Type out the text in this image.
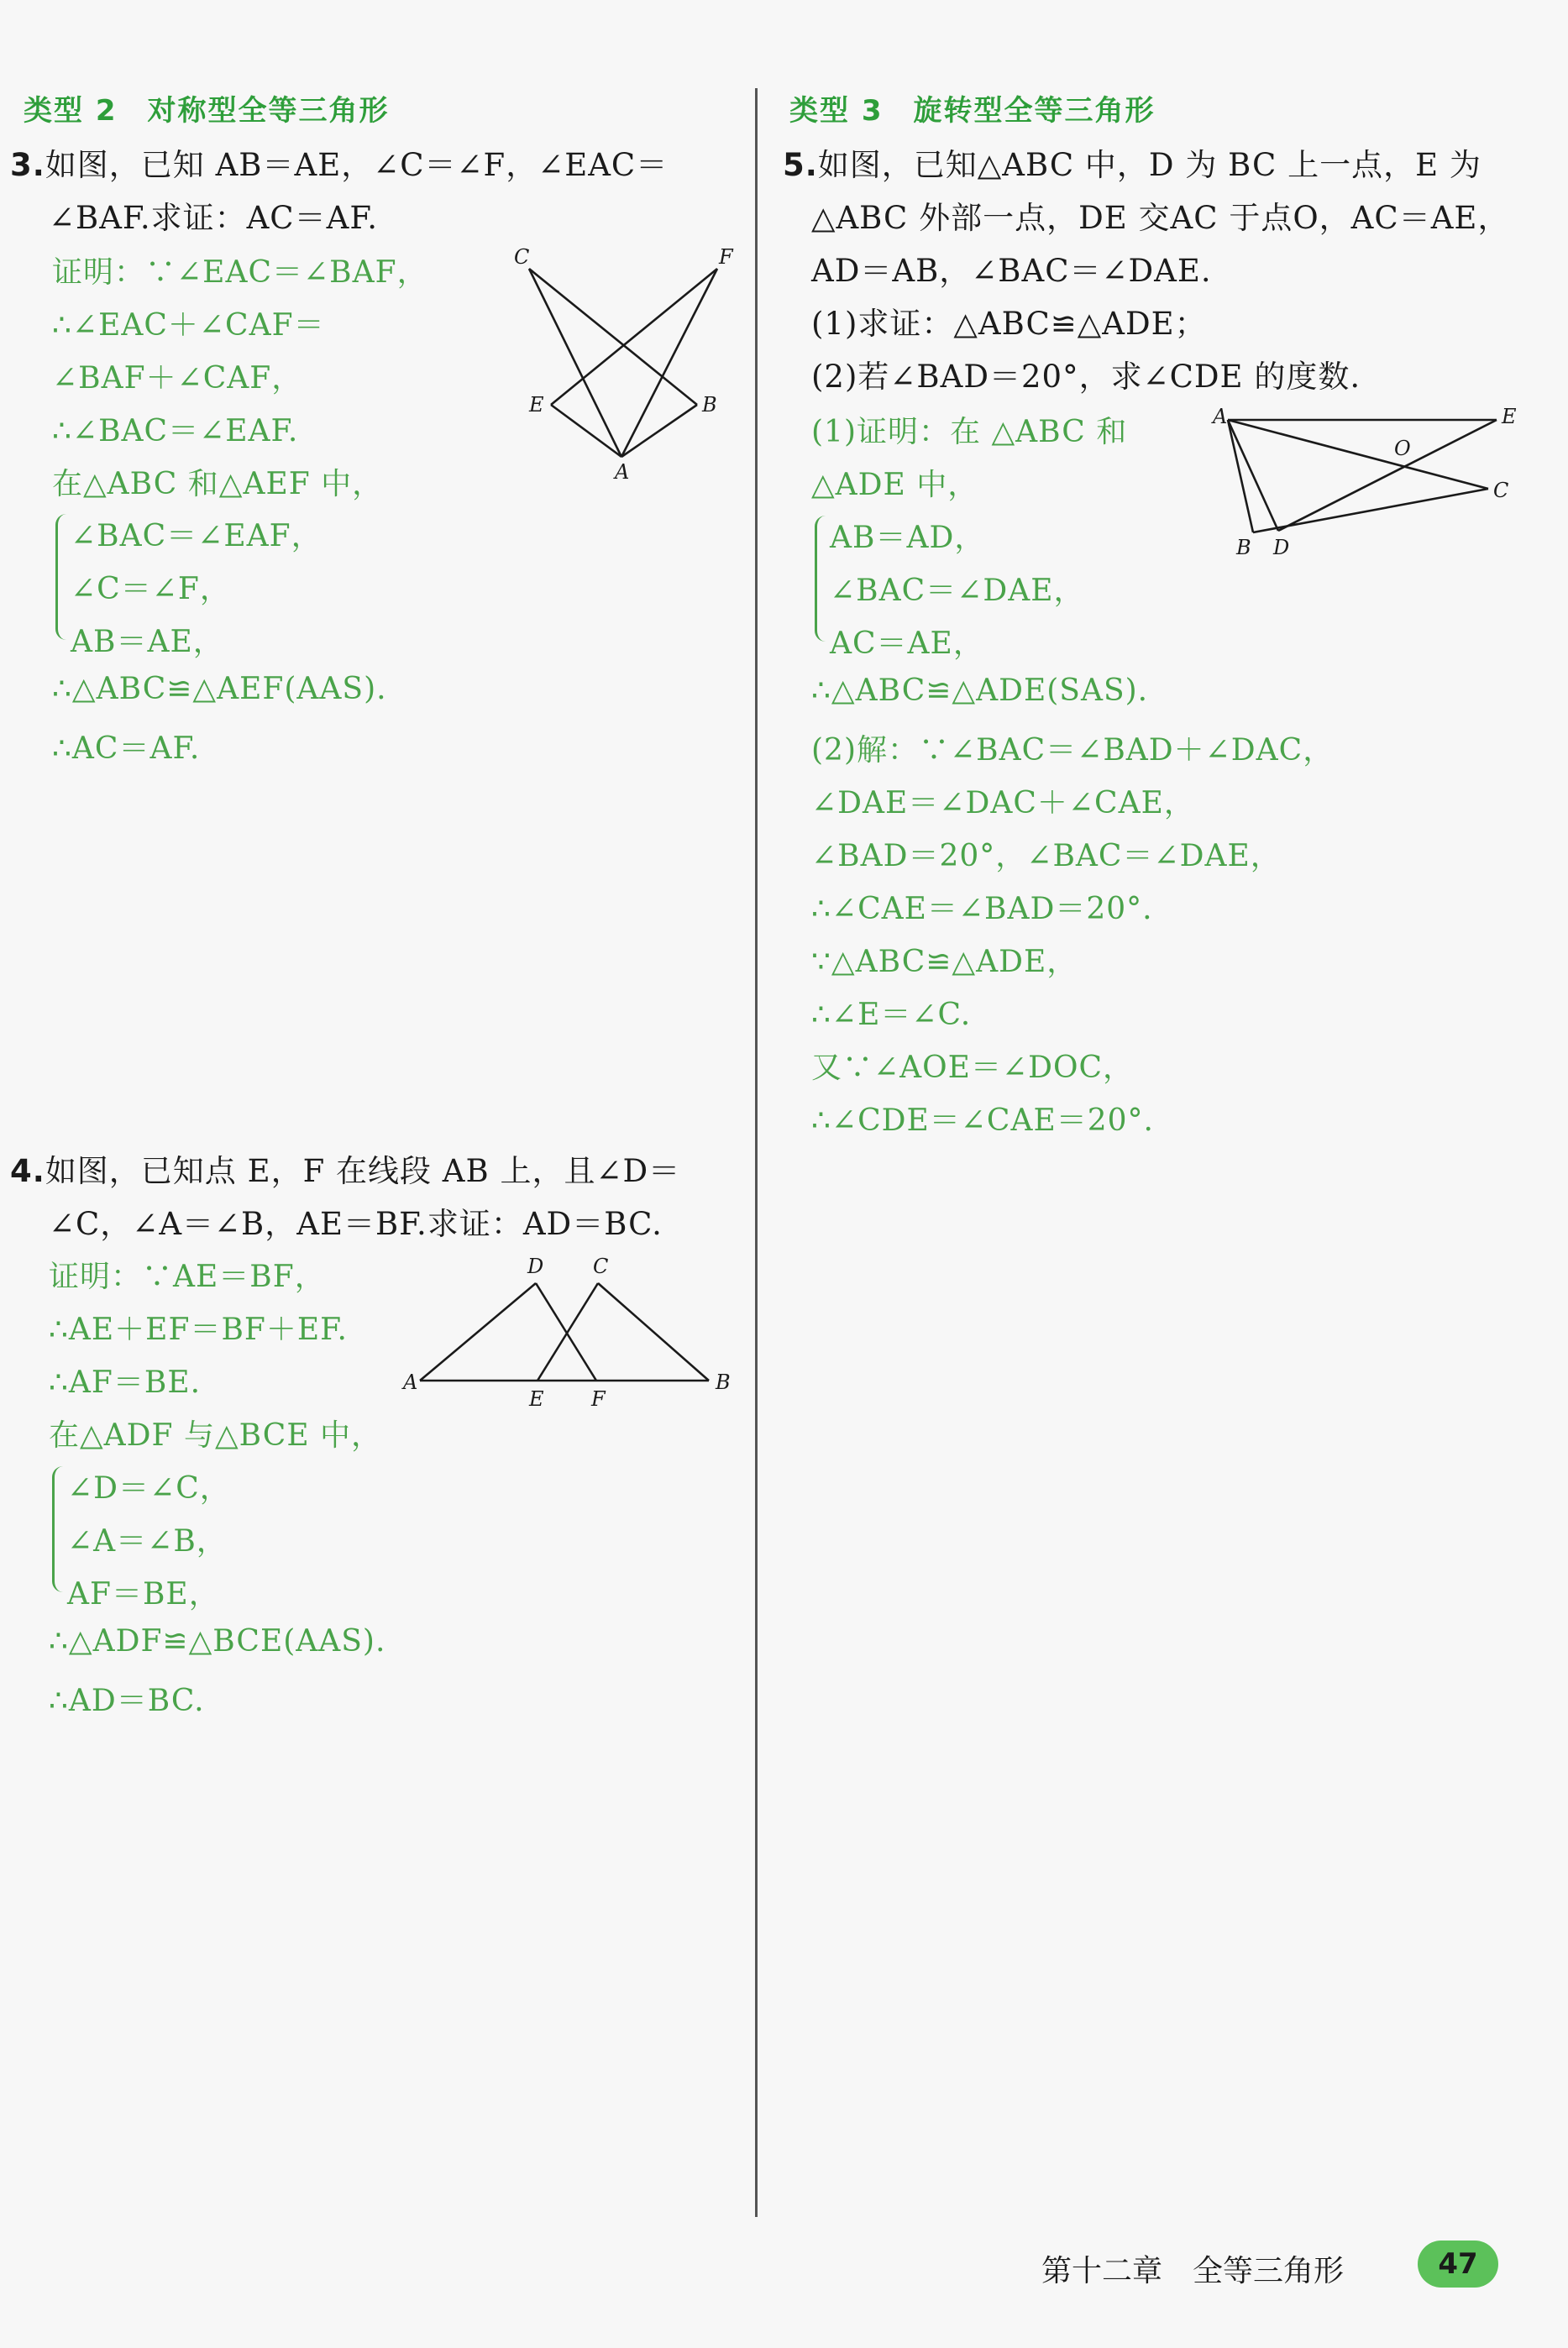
类型 2　对称型全等三角形
3.如图，已知 AB＝AE，∠C＝∠F，∠EAC＝
∠BAF.求证：AC＝AF.
证明：∵∠EAC＝∠BAF，
∴∠EAC＋∠CAF＝
∠BAF＋∠CAF，
∴∠BAC＝∠EAF.
在△ABC 和△AEF 中，
∠BAC＝∠EAF，
∠C＝∠F，
AB＝AE，
∴△ABC≌△AEF(AAS).
∴AC＝AF.
C	F
E	B
A
4.如图，已知点 E，F 在线段 AB 上，且∠D＝
∠C，∠A＝∠B，AE＝BF.求证：AD＝BC.
证明：∵AE＝BF，
∴AE＋EF＝BF＋EF.
∴AF＝BE.
在△ADF 与△BCE 中，
∠D＝∠C，
∠A＝∠B，
AF＝BE，
∴△ADF≌△BCE(AAS).
∴AD＝BC.
D C
A
E F
B
类型 3　旋转型全等三角形
5.如图，已知△ABC 中，D 为 BC 上一点，E 为
△ABC 外部一点，DE 交AC 于点O，AC＝AE，
AD＝AB，∠BAC＝∠DAE.
(1)求证：△ABC≌△ADE；
(2)若∠BAD＝20°，求∠CDE 的度数.
(1)证明：在 △ABC 和
△ADE 中，
AB＝AD，
∠BAC＝∠DAE，
AC＝AE，
∴△ABC≌△ADE(SAS).
(2)解：∵∠BAC＝∠BAD＋∠DAC，
∠DAE＝∠DAC＋∠CAE，
∠BAD＝20°，∠BAC＝∠DAE，
∴∠CAE＝∠BAD＝20°.
∵△ABC≌△ADE，
∴∠E＝∠C.
又∵∠AOE＝∠DOC，
∴∠CDE＝∠CAE＝20°.
A	E
O
C
B D
第十二章 全等三角形	47
